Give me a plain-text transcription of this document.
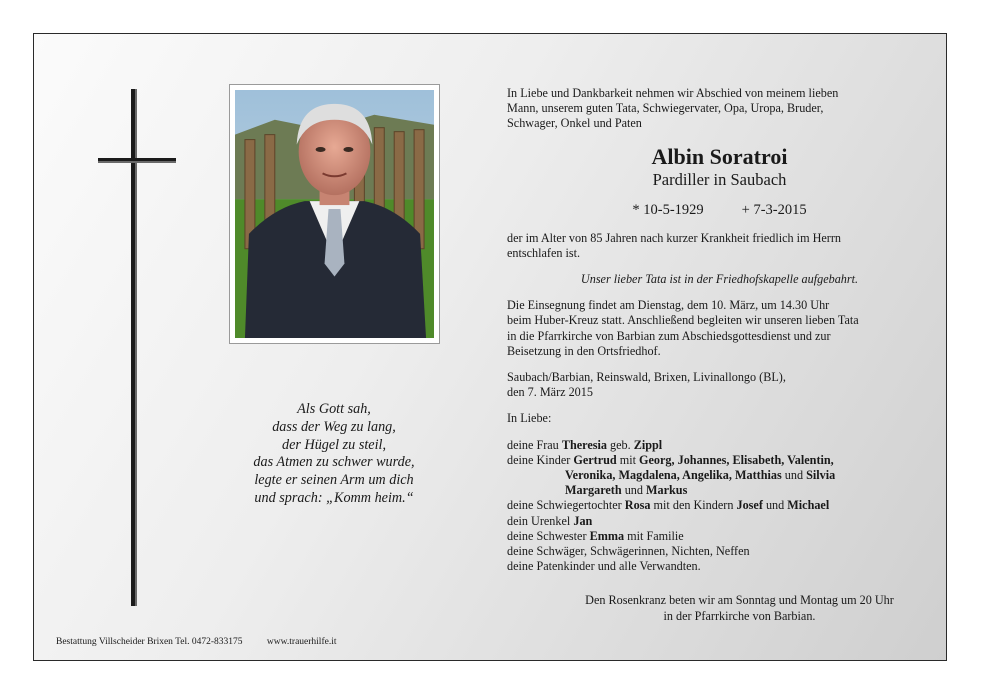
Als Gott sah,
dass der Weg zu lang,
der Hügel zu steil,
das Atmen zu schwer wurde,
legte er seinen Arm um dich
und sprach: „Komm heim.“
Bestattung Villscheider Brixen Tel. 0472-833175	www.trauerhilfe.it

In Liebe und Dankbarkeit nehmen wir Abschied von meinem lieben

Mann, unserem guten Tata, Schwiegervater, Opa, Uropa, Bruder,

Schwager, Onkel und Paten

Albin Soratroi

Pardiller in Saubach

* 10-5-1929	+ 7-3-2015

der im Alter von 85 Jahren nach kurzer Krankheit friedlich im Herrn

entschlafen ist.

Unser lieber Tata ist in der Friedhofskapelle aufgebahrt.

Die Einsegnung findet am Dienstag, dem 10. März, um 14.30 Uhr

beim Huber-Kreuz statt. Anschließend begleiten wir unseren lieben Tata

in die Pfarrkirche von Barbian zum Abschiedsgottesdienst und zur

Beisetzung in den Ortsfriedhof.

Saubach/Barbian, Reinswald, Brixen, Livinallongo (BL),

den 7. März 2015

In Liebe:

deine Frau Theresia geb. Zippl

deine Kinder Gertrud mit Georg, Johannes, Elisabeth, Valentin,

Veronika, Magdalena, Angelika, Matthias und Silvia

Margareth und Markus

deine Schwiegertochter Rosa mit den Kindern Josef und Michael

dein Urenkel Jan

deine Schwester Emma mit Familie

deine Schwäger, Schwägerinnen, Nichten, Neffen

deine Patenkinder und alle Verwandten.

Den Rosenkranz beten wir am Sonntag und Montag um 20 Uhr

in der Pfarrkirche von Barbian.
